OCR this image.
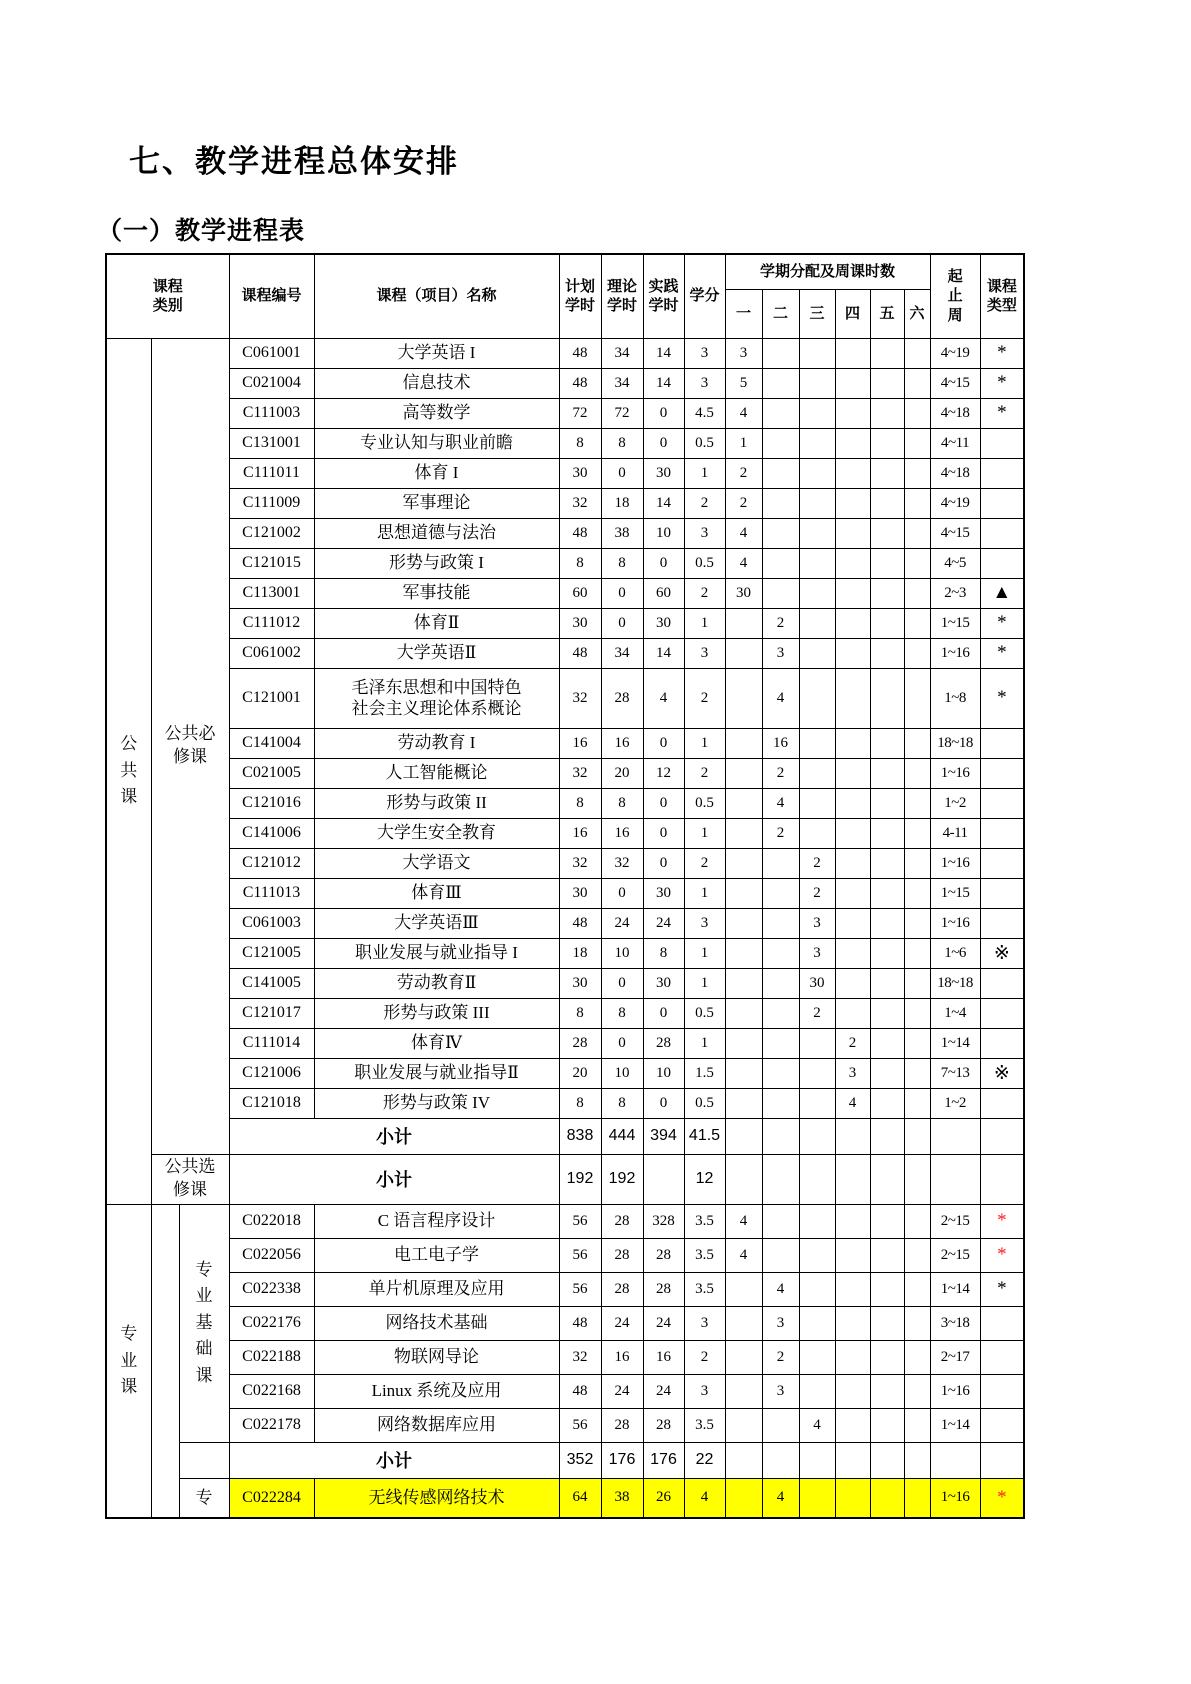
七、教学进程总体安排
（一）教学进程表
课程类别			课程编号	课程（项目）名称	计划学时	理论学时	实践学时	学分	学期分配及周课时数						起止周	课程类型
									一	二	三	四	五	六		
公共课	公共必修课		C061001	大学英语 I	48	34	14	3	3						4~19	*
			C021004	信息技术	48	34	14	3	5						4~15	*
			C111003	高等数学	72	72	0	4.5	4						4~18	*
			C131001	专业认知与职业前瞻	8	8	0	0.5	1						4~11	
			C111011	体育 I	30	0	30	1	2						4~18	
			C111009	军事理论	32	18	14	2	2						4~19	
			C121002	思想道德与法治	48	38	10	3	4						4~15	
			C121015	形势与政策 I	8	8	0	0.5	4						4~5	
			C113001	军事技能	60	0	60	2	30						2~3	▲
			C111012	体育Ⅱ	30	0	30	1		2					1~15	*
			C061002	大学英语Ⅱ	48	34	14	3		3					1~16	*
			C121001	毛泽东思想和中国特色社会主义理论体系概论	32	28	4	2		4					1~8	*
			C141004	劳动教育 I	16	16	0	1		16					18~18	
			C021005	人工智能概论	32	20	12	2		2					1~16	
			C121016	形势与政策 II	8	8	0	0.5		4					1~2	
			C141006	大学生安全教育	16	16	0	1		2					4-11	
			C121012	大学语文	32	32	0	2			2				1~16	
			C111013	体育Ⅲ	30	0	30	1			2				1~15	
			C061003	大学英语Ⅲ	48	24	24	3			3				1~16	
			C121005	职业发展与就业指导 I	18	10	8	1			3				1~6	※
			C141005	劳动教育Ⅱ	30	0	30	1			30				18~18	
			C121017	形势与政策 III	8	8	0	0.5			2				1~4	
			C111014	体育Ⅳ	28	0	28	1				2			1~14	
			C121006	职业发展与就业指导Ⅱ	20	10	10	1.5				3			7~13	※
			C121018	形势与政策 IV	8	8	0	0.5				4			1~2	
			小计		838	444	394	41.5								
	公共选修课		小计		192	192		12								
专业课		专业基础课	C022018	C 语言程序设计	56	28	328	3.5	4						2~15	*
			C022056	电工电子学	56	28	28	3.5	4						2~15	*
			C022338	单片机原理及应用	56	28	28	3.5		4					1~14	*
			C022176	网络技术基础	48	24	24	3		3					3~18	
			C022188	物联网导论	32	16	16	2		2					2~17	
			C022168	Linux 系统及应用	48	24	24	3		3					1~16	
			C022178	网络数据库应用	56	28	28	3.5			4				1~14	
			小计		352	176	176	22								
		专	C022284	无线传感网络技术	64	38	26	4		4					1~16	*
